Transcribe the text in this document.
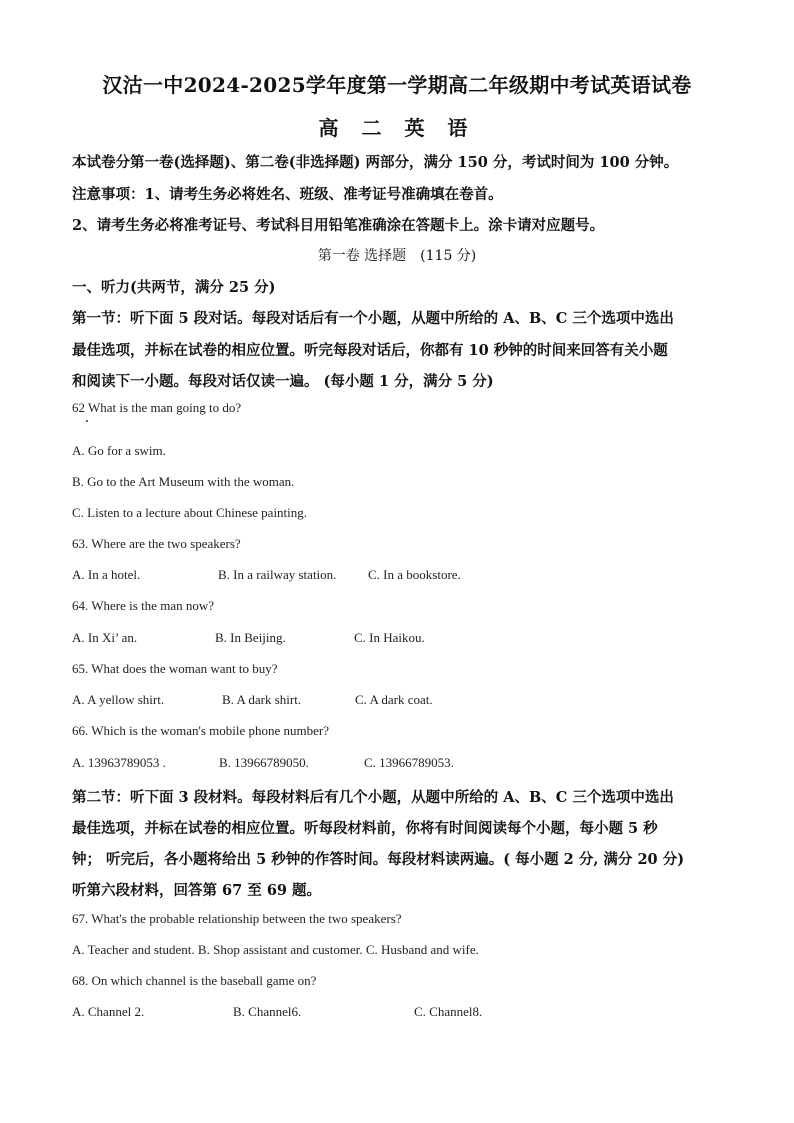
汉沽一中2024-2025学年度第一学期高二年级期中考试英语试卷
高 二 英 语
本试卷分第一卷(选择题)、第二卷(非选择题) 两部分，满分 150 分，考试时间为 100 分钟。
注意事项：1、请考生务必将姓名、班级、准考证号准确填在卷首。
2、请考生务必将准考证号、考试科目用铅笔准确涂在答题卡上。涂卡请对应题号。
第一卷 选择题　(115 分)
一、听力(共两节，满分 25 分)
第一节：听下面 5 段对话。每段对话后有一个小题，从题中所给的 A、B、C 三个选项中选出
最佳选项，并标在试卷的相应位置。听完每段对话后，你都有 10 秒钟的时间来回答有关小题
和阅读下一小题。每段对话仅读一遍。 (每小题 1 分，满分 5 分)
62 What is the man going to do?
A. Go for a swim.
B. Go to the Art Museum with the woman.
C. Listen to a lecture about Chinese painting.
63. Where are the two speakers?
A. In a hotel.	B. In a railway station. C. In a bookstore.
64. Where is the man now?
A. In Xi’ an.	B. In Beijing.	C. In Haikou.
65. What does the woman want to buy?
A. A yellow shirt.	B. A dark shirt.	C. A dark coat.
66. Which is the woman's mobile phone number?
A. 13963789053 .	B. 13966789050.	C. 13966789053.
第二节：听下面 3 段材料。每段材料后有几个小题，从题中所给的 A、B、C 三个选项中选出
最佳选项，并标在试卷的相应位置。听每段材料前，你将有时间阅读每个小题，每小题 5 秒
钟； 听完后，各小题将给出 5 秒钟的作答时间。每段材料读两遍。( 每小题 2 分, 满分 20 分)
听第六段材料，回答第 67 至 69 题。
67. What's the probable relationship between the two speakers?
A. Teacher and student. B. Shop assistant and customer. C. Husband and wife.
68. On which channel is the baseball game on?
A. Channel 2.	B. Channel6.	C. Channel8.
